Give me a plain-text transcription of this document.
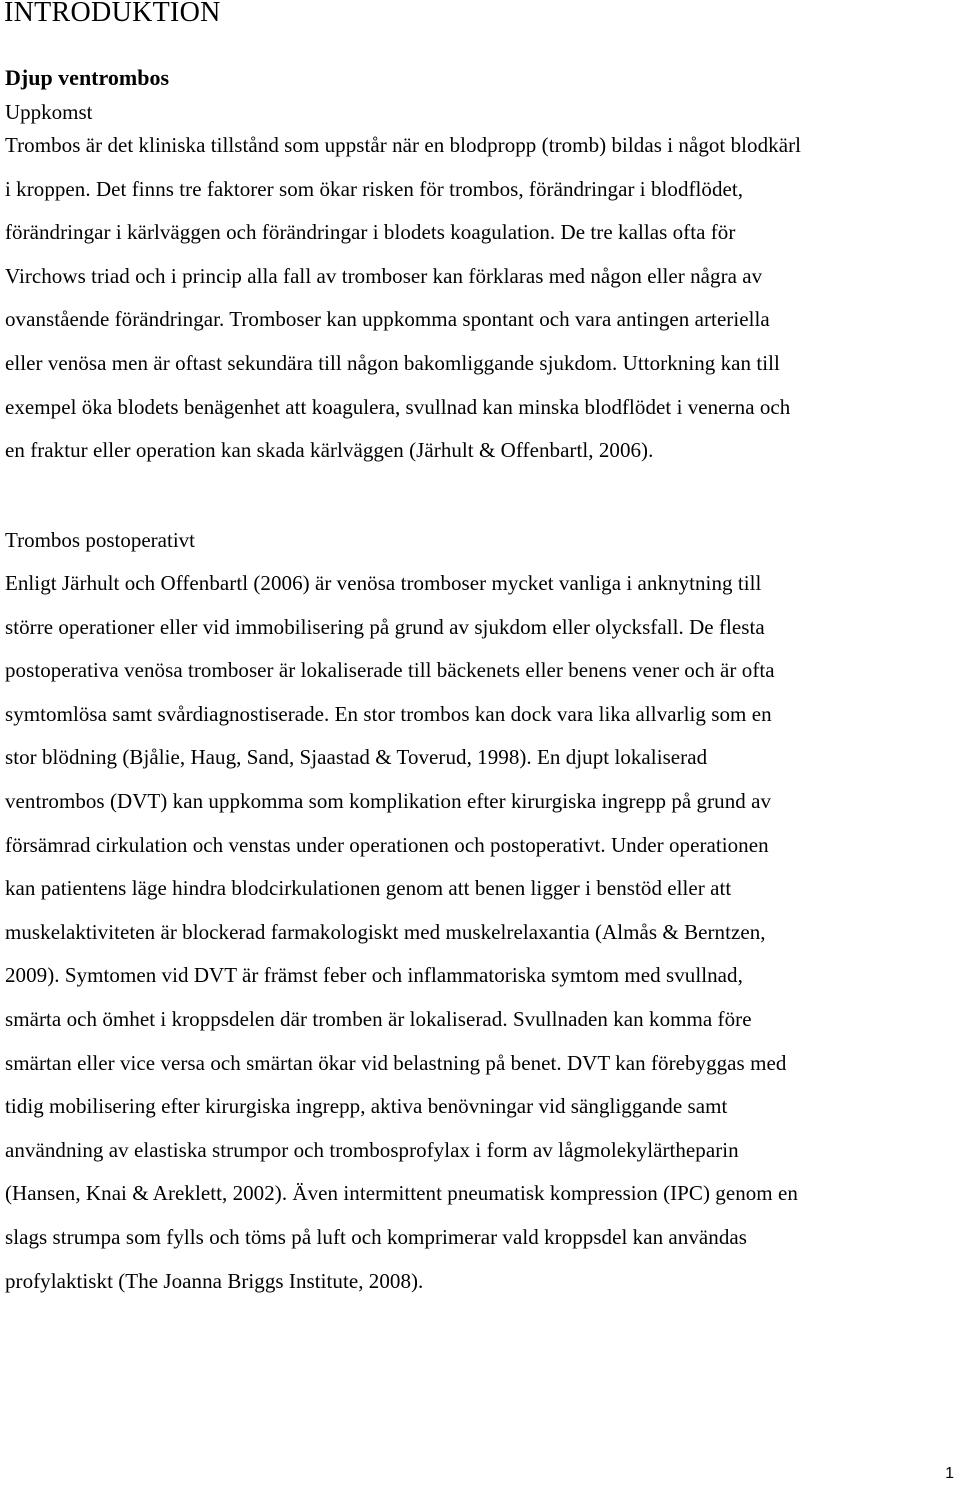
INTRODUKTION
Djup ventrombos
Uppkomst
Trombos är det kliniska tillstånd som uppstår när en blodpropp (tromb) bildas i något blodkärl
i kroppen. Det finns tre faktorer som ökar risken för trombos, förändringar i blodflödet,
förändringar i kärlväggen och förändringar i blodets koagulation. De tre kallas ofta för
Virchows triad och i princip alla fall av tromboser kan förklaras med någon eller några av
ovanstående förändringar. Tromboser kan uppkomma spontant och vara antingen arteriella
eller venösa men är oftast sekundära till någon bakomliggande sjukdom. Uttorkning kan till
exempel öka blodets benägenhet att koagulera, svullnad kan minska blodflödet i venerna och
en fraktur eller operation kan skada kärlväggen (Järhult & Offenbartl, 2006).
Trombos postoperativt
Enligt Järhult och Offenbartl (2006) är venösa tromboser mycket vanliga i anknytning till
större operationer eller vid immobilisering på grund av sjukdom eller olycksfall. De flesta
postoperativa venösa tromboser är lokaliserade till bäckenets eller benens vener och är ofta
symtomlösa samt svårdiagnostiserade. En stor trombos kan dock vara lika allvarlig som en
stor blödning (Bjålie, Haug, Sand, Sjaastad & Toverud, 1998). En djupt lokaliserad
ventrombos (DVT) kan uppkomma som komplikation efter kirurgiska ingrepp på grund av
försämrad cirkulation och venstas under operationen och postoperativt. Under operationen
kan patientens läge hindra blodcirkulationen genom att benen ligger i benstöd eller att
muskelaktiviteten är blockerad farmakologiskt med muskelrelaxantia (Almås & Berntzen,
2009). Symtomen vid DVT är främst feber och inflammatoriska symtom med svullnad,
smärta och ömhet i kroppsdelen där tromben är lokaliserad. Svullnaden kan komma före
smärtan eller vice versa och smärtan ökar vid belastning på benet. DVT kan förebyggas med
tidig mobilisering efter kirurgiska ingrepp, aktiva benövningar vid sängliggande samt
användning av elastiska strumpor och trombosprofylax i form av lågmolekylärtheparin
(Hansen, Knai & Areklett, 2002). Även intermittent pneumatisk kompression (IPC) genom en
slags strumpa som fylls och töms på luft och komprimerar vald kroppsdel kan användas
profylaktiskt (The Joanna Briggs Institute, 2008).
1
